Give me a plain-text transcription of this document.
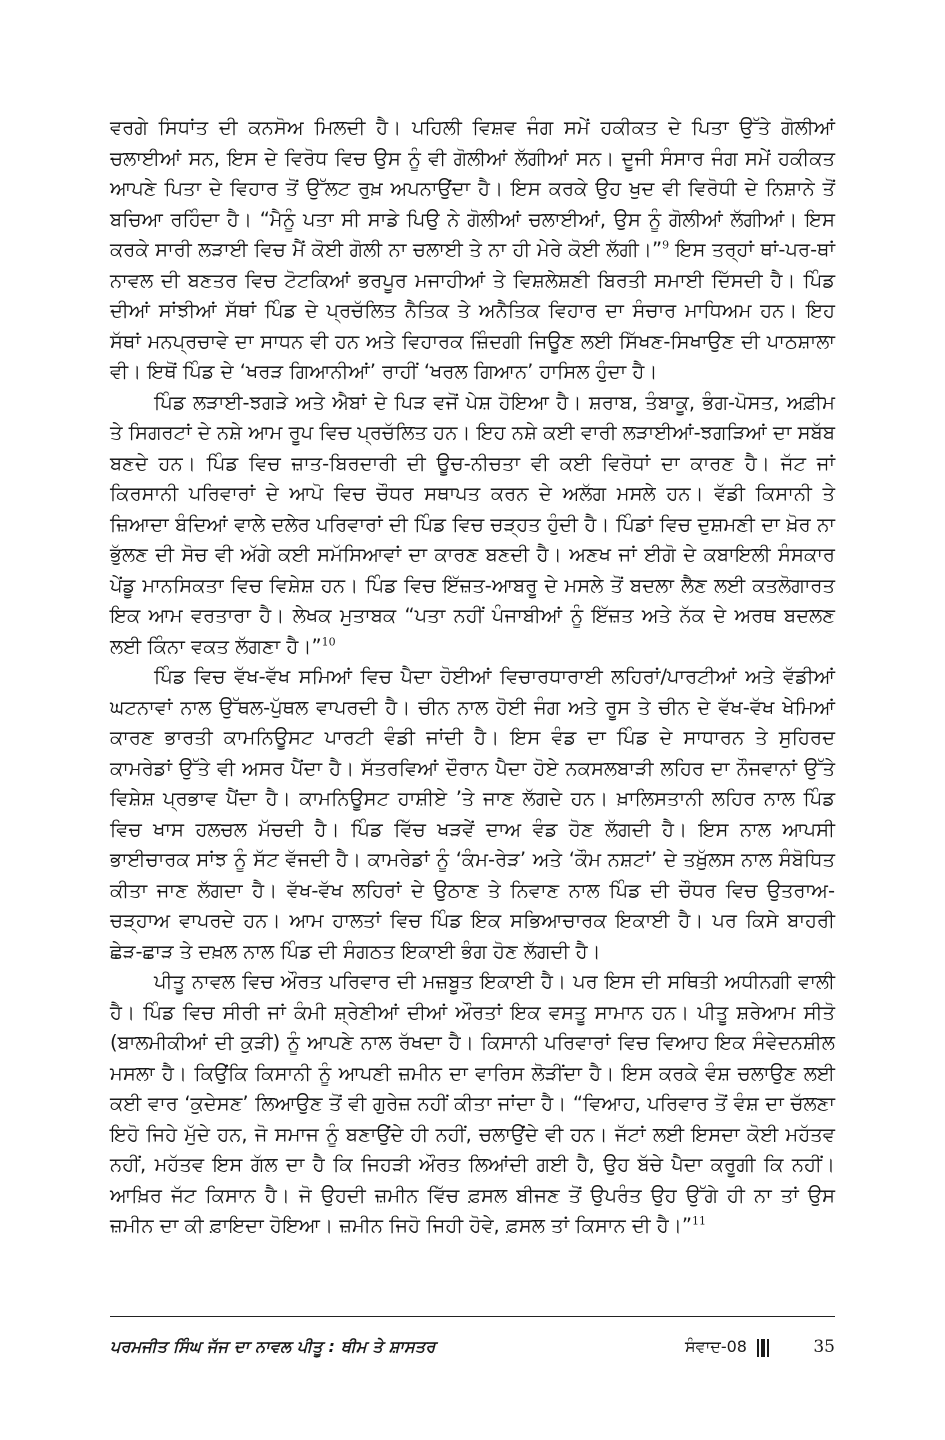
ਵਰਗੇ ਸਿਧਾਂਤ ਦੀ ਕਨਸੋਅ ਮਿਲਦੀ ਹੈ। ਪਹਿਲੀ ਵਿਸ਼ਵ ਜੰਗ ਸਮੇਂ ਹਕੀਕਤ ਦੇ ਪਿਤਾ ਉੱਤੇ ਗੋਲੀਆਂ ਚਲਾਈਆਂ ਸਨ, ਇਸ ਦੇ ਵਿਰੋਧ ਵਿਚ ਉਸ ਨੂੰ ਵੀ ਗੋਲੀਆਂ ਲੱਗੀਆਂ ਸਨ। ਦੂਜੀ ਸੰਸਾਰ ਜੰਗ ਸਮੇਂ ਹਕੀਕਤ ਆਪਣੇ ਪਿਤਾ ਦੇ ਵਿਹਾਰ ਤੋਂ ਉੱਲਟ ਰੁਖ਼ ਅਪਨਾਉਂਦਾ ਹੈ। ਇਸ ਕਰਕੇ ਉਹ ਖੁਦ ਵੀ ਵਿਰੋਧੀ ਦੇ ਨਿਸ਼ਾਨੇ ਤੋਂ ਬਚਿਆ ਰਹਿੰਦਾ ਹੈ। “ਮੈਨੂੰ ਪਤਾ ਸੀ ਸਾਡੇ ਪਿਉ ਨੇ ਗੋਲੀਆਂ ਚਲਾਈਆਂ, ਉਸ ਨੂੰ ਗੋਲੀਆਂ ਲੱਗੀਆਂ। ਇਸ ਕਰਕੇ ਸਾਰੀ ਲੜਾਈ ਵਿਚ ਮੈਂ ਕੋਈ ਗੋਲੀ ਨਾ ਚਲਾਈ ਤੇ ਨਾ ਹੀ ਮੇਰੇ ਕੋਈ ਲੱਗੀ।”$^9$ ਇਸ ਤਰ੍ਹਾਂ ਥਾਂ-ਪਰ-ਥਾਂ ਨਾਵਲ ਦੀ ਬਣਤਰ ਵਿਚ ਟੋਟਕਿਆਂ ਭਰਪੂਰ ਮਜਾਹੀਆਂ ਤੇ ਵਿਸ਼ਲੇਸ਼ਣੀ ਬਿਰਤੀ ਸਮਾਈ ਦਿੱਸਦੀ ਹੈ। ਪਿੰਡ ਦੀਆਂ ਸਾਂਝੀਆਂ ਸੱਥਾਂ ਪਿੰਡ ਦੇ ਪ੍ਰਚੱਲਿਤ ਨੈਤਿਕ ਤੇ ਅਨੈਤਿਕ ਵਿਹਾਰ ਦਾ ਸੰਚਾਰ ਮਾਧਿਅਮ ਹਨ। ਇਹ ਸੱਥਾਂ ਮਨਪ੍ਰਚਾਵੇ ਦਾ ਸਾਧਨ ਵੀ ਹਨ ਅਤੇ ਵਿਹਾਰਕ ਜ਼ਿੰਦਗੀ ਜਿਊਣ ਲਈ ਸਿੱਖਣ-ਸਿਖਾਉਣ ਦੀ ਪਾਠਸ਼ਾਲਾ ਵੀ। ਇਥੋਂ ਪਿੰਡ ਦੇ ‘ਖਰੜ ਗਿਆਨੀਆਂ’ ਰਾਹੀਂ ‘ਖਰਲ ਗਿਆਨ’ ਹਾਸਿਲ ਹੁੰਦਾ ਹੈ।

ਪਿੰਡ ਲੜਾਈ-ਝਗੜੇ ਅਤੇ ਐਬਾਂ ਦੇ ਪਿੜ ਵਜੋਂ ਪੇਸ਼ ਹੋਇਆ ਹੈ। ਸ਼ਰਾਬ, ਤੰਬਾਕੂ, ਭੰਗ-ਪੋਸਤ, ਅਫ਼ੀਮ ਤੇ ਸਿਗਰਟਾਂ ਦੇ ਨਸ਼ੇ ਆਮ ਰੂਪ ਵਿਚ ਪ੍ਰਚੱਲਿਤ ਹਨ। ਇਹ ਨਸ਼ੇ ਕਈ ਵਾਰੀ ਲੜਾਈਆਂ-ਝਗੜਿਆਂ ਦਾ ਸਬੱਬ ਬਣਦੇ ਹਨ। ਪਿੰਡ ਵਿਚ ਜ਼ਾਤ-ਬਿਰਦਾਰੀ ਦੀ ਊਚ-ਨੀਚਤਾ ਵੀ ਕਈ ਵਿਰੋਧਾਂ ਦਾ ਕਾਰਣ ਹੈ। ਜੱਟ ਜਾਂ ਕਿਰਸਾਨੀ ਪਰਿਵਾਰਾਂ ਦੇ ਆਪੋ ਵਿਚ ਚੌਧਰ ਸਥਾਪਤ ਕਰਨ ਦੇ ਅਲੱਗ ਮਸਲੇ ਹਨ। ਵੱਡੀ ਕਿਸਾਨੀ ਤੇ ਜ਼ਿਆਦਾ ਬੰਦਿਆਂ ਵਾਲੇ ਦਲੇਰ ਪਰਿਵਾਰਾਂ ਦੀ ਪਿੰਡ ਵਿਚ ਚੜ੍ਹਤ ਹੁੰਦੀ ਹੈ। ਪਿੰਡਾਂ ਵਿਚ ਦੁਸ਼ਮਣੀ ਦਾ ਖ਼ੋਰ ਨਾ ਭੁੱਲਣ ਦੀ ਸੋਚ ਵੀ ਅੱਗੇ ਕਈ ਸਮੱਸਿਆਵਾਂ ਦਾ ਕਾਰਣ ਬਣਦੀ ਹੈ। ਅਣਖ ਜਾਂ ਈਗੋ ਦੇ ਕਬਾਇਲੀ ਸੰਸਕਾਰ ਪੇਂਡੂ ਮਾਨਸਿਕਤਾ ਵਿਚ ਵਿਸ਼ੇਸ਼ ਹਨ। ਪਿੰਡ ਵਿਚ ਇੱਜ਼ਤ-ਆਬਰੂ ਦੇ ਮਸਲੇ ਤੋਂ ਬਦਲਾ ਲੈਣ ਲਈ ਕਤਲੋਗਾਰਤ ਇਕ ਆਮ ਵਰਤਾਰਾ ਹੈ। ਲੇਖਕ ਮੁਤਾਬਕ “ਪਤਾ ਨਹੀਂ ਪੰਜਾਬੀਆਂ ਨੂੰ ਇੱਜ਼ਤ ਅਤੇ ਨੱਕ ਦੇ ਅਰਥ ਬਦਲਣ ਲਈ ਕਿੰਨਾ ਵਕਤ ਲੱਗਣਾ ਹੈ।”$^{10}$

ਪਿੰਡ ਵਿਚ ਵੱਖ-ਵੱਖ ਸਮਿਆਂ ਵਿਚ ਪੈਦਾ ਹੋਈਆਂ ਵਿਚਾਰਧਾਰਾਈ ਲਹਿਰਾਂ/ਪਾਰਟੀਆਂ ਅਤੇ ਵੱਡੀਆਂ ਘਟਨਾਵਾਂ ਨਾਲ ਉੱਥਲ-ਪੁੱਥਲ ਵਾਪਰਦੀ ਹੈ। ਚੀਨ ਨਾਲ ਹੋਈ ਜੰਗ ਅਤੇ ਰੂਸ ਤੇ ਚੀਨ ਦੇ ਵੱਖ-ਵੱਖ ਖੇਮਿਆਂ ਕਾਰਣ ਭਾਰਤੀ ਕਾਮਨਿਊਸਟ ਪਾਰਟੀ ਵੰਡੀ ਜਾਂਦੀ ਹੈ। ਇਸ ਵੰਡ ਦਾ ਪਿੰਡ ਦੇ ਸਾਧਾਰਨ ਤੇ ਸੁਹਿਰਦ ਕਾਮਰੇਡਾਂ ਉੱਤੇ ਵੀ ਅਸਰ ਪੈਂਦਾ ਹੈ। ਸੱਤਰਵਿਆਂ ਦੌਰਾਨ ਪੈਦਾ ਹੋਏ ਨਕਸਲਬਾੜੀ ਲਹਿਰ ਦਾ ਨੌਜਵਾਨਾਂ ਉੱਤੇ ਵਿਸ਼ੇਸ਼ ਪ੍ਰਭਾਵ ਪੈਂਦਾ ਹੈ। ਕਾਮਨਿਊਸਟ ਹਾਸ਼ੀਏ ’ਤੇ ਜਾਣ ਲੱਗਦੇ ਹਨ। ਖ਼ਾਲਿਸਤਾਨੀ ਲਹਿਰ ਨਾਲ ਪਿੰਡ ਵਿਚ ਖਾਸ ਹਲਚਲ ਮੱਚਦੀ ਹੈ। ਪਿੰਡ ਵਿੱਚ ਖੜਵੇਂ ਦਾਅ ਵੰਡ ਹੋਣ ਲੱਗਦੀ ਹੈ। ਇਸ ਨਾਲ ਆਪਸੀ ਭਾਈਚਾਰਕ ਸਾਂਝ ਨੂੰ ਸੱਟ ਵੱਜਦੀ ਹੈ। ਕਾਮਰੇਡਾਂ ਨੂੰ ‘ਕੰਮ-ਰੇੜ’ ਅਤੇ ‘ਕੌਮ ਨਸ਼ਟਾਂ’ ਦੇ ਤਖ਼ੁੱਲਸ ਨਾਲ ਸੰਬੋਧਿਤ ਕੀਤਾ ਜਾਣ ਲੱਗਦਾ ਹੈ। ਵੱਖ-ਵੱਖ ਲਹਿਰਾਂ ਦੇ ਉਠਾਣ ਤੇ ਨਿਵਾਣ ਨਾਲ ਪਿੰਡ ਦੀ ਚੌਧਰ ਵਿਚ ਉਤਰਾਅ-ਚੜ੍ਹਾਅ ਵਾਪਰਦੇ ਹਨ। ਆਮ ਹਾਲਤਾਂ ਵਿਚ ਪਿੰਡ ਇਕ ਸਭਿਆਚਾਰਕ ਇਕਾਈ ਹੈ। ਪਰ ਕਿਸੇ ਬਾਹਰੀ ਛੇੜ-ਛਾੜ ਤੇ ਦਖ਼ਲ ਨਾਲ ਪਿੰਡ ਦੀ ਸੰਗਠਤ ਇਕਾਈ ਭੰਗ ਹੋਣ ਲੱਗਦੀ ਹੈ।

ਪੀਤੂ ਨਾਵਲ ਵਿਚ ਔਰਤ ਪਰਿਵਾਰ ਦੀ ਮਜ਼ਬੂਤ ਇਕਾਈ ਹੈ। ਪਰ ਇਸ ਦੀ ਸਥਿਤੀ ਅਧੀਨਗੀ ਵਾਲੀ ਹੈ। ਪਿੰਡ ਵਿਚ ਸੀਰੀ ਜਾਂ ਕੰਮੀ ਸ਼੍ਰੇਣੀਆਂ ਦੀਆਂ ਔਰਤਾਂ ਇਕ ਵਸਤੂ ਸਾਮਾਨ ਹਨ। ਪੀਤੂ ਸ਼ਰੇਆਮ ਸੀਤੋ (ਬਾਲਮੀਕੀਆਂ ਦੀ ਕੁੜੀ) ਨੂੰ ਆਪਣੇ ਨਾਲ ਰੱਖਦਾ ਹੈ। ਕਿਸਾਨੀ ਪਰਿਵਾਰਾਂ ਵਿਚ ਵਿਆਹ ਇਕ ਸੰਵੇਦਨਸ਼ੀਲ ਮਸਲਾ ਹੈ। ਕਿਉਂਕਿ ਕਿਸਾਨੀ ਨੂੰ ਆਪਣੀ ਜ਼ਮੀਨ ਦਾ ਵਾਰਿਸ ਲੋੜੀਂਦਾ ਹੈ। ਇਸ ਕਰਕੇ ਵੰਸ਼ ਚਲਾਉਣ ਲਈ ਕਈ ਵਾਰ ‘ਕੁਦੇਸਣ’ ਲਿਆਉਣ ਤੋਂ ਵੀ ਗੁਰੇਜ਼ ਨਹੀਂ ਕੀਤਾ ਜਾਂਦਾ ਹੈ। “ਵਿਆਹ, ਪਰਿਵਾਰ ਤੋਂ ਵੰਸ਼ ਦਾ ਚੱਲਣਾ ਇਹੋ ਜਿਹੇ ਮੁੱਦੇ ਹਨ, ਜੋ ਸਮਾਜ ਨੂੰ ਬਣਾਉਂਦੇ ਹੀ ਨਹੀਂ, ਚਲਾਉਂਦੇ ਵੀ ਹਨ। ਜੱਟਾਂ ਲਈ ਇਸਦਾ ਕੋਈ ਮਹੱਤਵ ਨਹੀਂ, ਮਹੱਤਵ ਇਸ ਗੱਲ ਦਾ ਹੈ ਕਿ ਜਿਹੜੀ ਔਰਤ ਲਿਆਂਦੀ ਗਈ ਹੈ, ਉਹ ਬੱਚੇ ਪੈਦਾ ਕਰੂਗੀ ਕਿ ਨਹੀਂ। ਆਖ਼ਿਰ ਜੱਟ ਕਿਸਾਨ ਹੈ। ਜੋ ਉਹਦੀ ਜ਼ਮੀਨ ਵਿੱਚ ਫ਼ਸਲ ਬੀਜਣ ਤੋਂ ਉਪਰੰਤ ਉਹ ਉੱਗੇ ਹੀ ਨਾ ਤਾਂ ਉਸ ਜ਼ਮੀਨ ਦਾ ਕੀ ਫ਼ਾਇਦਾ ਹੋਇਆ। ਜ਼ਮੀਨ ਜਿਹੋ ਜਿਹੀ ਹੋਵੇ, ਫ਼ਸਲ ਤਾਂ ਕਿਸਾਨ ਦੀ ਹੈ।”$^{11}$

ਪਰਮਜੀਤ ਸਿੰਘ ਜੱਜ ਦਾ ਨਾਵਲ ਪੀਤੂ : ਥੀਮ ਤੇ ਸ਼ਾਸਤਰ	ਸੰਵਾਦ-08	35
